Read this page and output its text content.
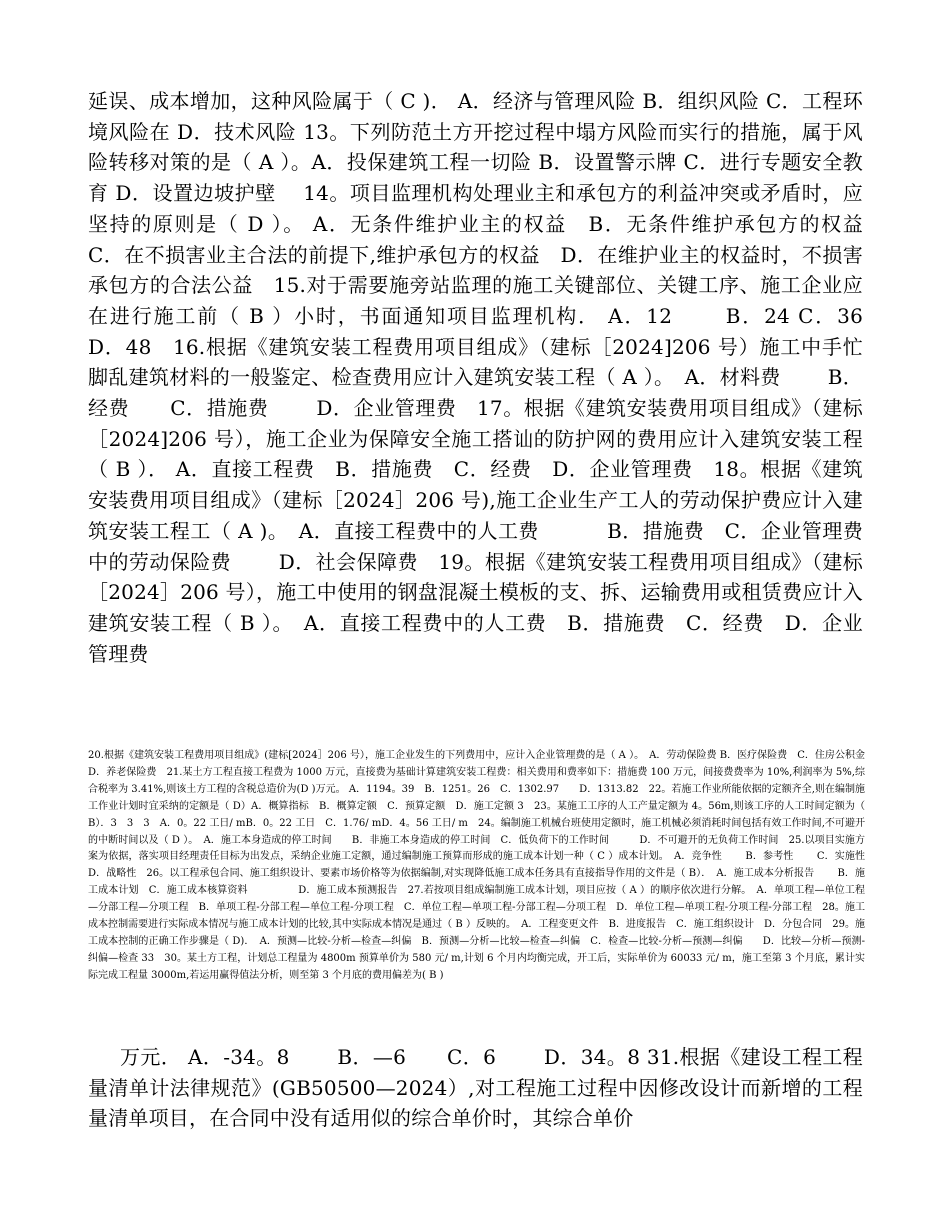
延误、成本增加，这种风险属于（ C )． A．经济与管理风险 B．组织风险 C．工程环境风险在 D．技术风险 13。下列防范土方开挖过程中塌方风险而实行的措施，属于风险转移对策的是（ A ）。A．投保建筑工程一切险 B．设置警示牌 C．进行专题安全教育 D．设置边坡护壁　 14。项目监理机构处理业主和承包方的利益冲突或矛盾时，应坚持的原则是（ D ）。 A．无条件维护业主的权益　B．无条件维护承包方的权益　C．在不损害业主合法的前提下,维护承包方的权益　D．在维护业主的权益时，不损害承包方的合法公益　15.对于需要施旁站监理的施工关键部位、关键工序、施工企业应在进行施工前（ B ）小时，书面通知项目监理机构． A．12　　 B．24 C．36　　 D．48　16.根据《建筑安装工程费用项目组成》（建标［2024]206 号）施工中手忙脚乱建筑材料的一般鉴定、检查费用应计入建筑安装工程（ A ）。　A．材料费　　 B．经费　　C．措施费　　 D．企业管理费　17。根据《建筑安装费用项目组成》（建标［2024]206 号），施工企业为保障安全施工搭讪的防护网的费用应计入建筑安装工程（ B ）． A．直接工程费　B．措施费　C．经费　D．企业管理费　18。根据《建筑安装费用项目组成》（建标［2024］206 号),施工企业生产工人的劳动保护费应计入建筑安装工程工（ A )。　A．直接工程费中的人工费　　　 B．措施费　C．企业管理费中的劳动保险费　　 D．社会保障费　19。根据《建筑安装工程费用项目组成》（建标［2024］206 号），施工中使用的钢盘混凝土模板的支、拆、运输费用或租赁费应计入建筑安装工程（ B ）。　A．直接工程费中的人工费　B．措施费　C．经费　D．企业管理费

20.根据《建筑安装工程费用项目组成》(建标[2024］206 号），施工企业发生的下列费用中，应计入企业管理费的是（ A ）。　A．劳动保险费 B．医疗保险费　C．住房公积金　D．养老保险费　21.某土方工程直接工程费为 1000 万元，直接费为基础计算建筑安装工程费：相关费用和费率如下：措施费 100 万元，间接费费率为 10%,利润率为 5%,综合税率为 3.41%,则该土方工程的含税总造价为(D )万元。 A．1194。39　B．1251。26　C．1302.97　　D．1313.82　22。若施工作业所能依据的定额齐全,则在编制施工作业计划时宜采纳的定额是（ D）A．概算指标　B．概算定额　C．预算定额　D．施工定额 3　23。某施工工序的人工产量定额为 4。56m,则该工序的人工时间定额为（ B）．3　3　3　A．0。22 工日/ mB．0。22 工日　C．1.76/ mD．4。56 工日/ m　24。编制施工机械台班使用定额时，施工机械必须消耗时间包括有效工作时间,不可避开的中断时间以及（ D ）。　A．施工本身造成的停工时间　　B．非施工本身造成的停工时间　C．低负荷下的工作时间　　　D．不可避开的无负荷工作时间　25.以项目实施方案为依据，落实项目经理责任目标为出发点，采纳企业施工定额，通过编制施工预算而形成的施工成本计划一种（ C ）成本计划。　A．竞争性　　 B．参考性　　 C．实施性　　D．战略性　26。以工程承包合同、施工组织设计、要素市场价格等为依据编制,对实现降低施工成本任务具有直接指导作用的文件是（ B）．　A．施工成本分析报告　　 B．施工成本计划　C．施工成本核算资料　　　　　D．施工成本预测报告　27.若按项目组成编制施工成本计划，项目应按（ A ）的顺序依次进行分解。　A．单项工程—单位工程—分部工程—分项工程　B．单项工程-分部工程—单位工程-分项工程　C．单位工程—单项工程-分部工程—分项工程　D．单位工程—单项工程-分项工程-分部工程　28。施工成本控制需要进行实际成本情况与施工成本计划的比较,其中实际成本情况是通过（ B ）反映的。　A．工程变更文件　B．进度报告　C．施工组织设计　D．分包合同　29。施工成本控制的正确工作步骤是（ D)．　A．预测—比较-分析—检查—纠偏　B．预测—分析—比较—检查—纠偏　C．检查—比较-分析—预测—纠偏　　D．比较—分析—预测-纠偏—检查 33　30。某土方工程，计划总工程量为 4800m 预算单价为 580 元/ m,计划 6 个月内均衡完成，开工后，实际单价为 60033 元/ m，施工至第 3 个月底，累计实际完成工程量 3000m,若运用赢得值法分析，则至第 3 个月底的费用偏差为( B )

万元． A．-34。8　　 B．—6　　C．6　　 D．34。8 31.根据《建设工程工程量清单计法律规范》(GB50500—2024）,对工程施工过程中因修改设计而新增的工程量清单项目，在合同中没有适用似的综合单价时，其综合单价
